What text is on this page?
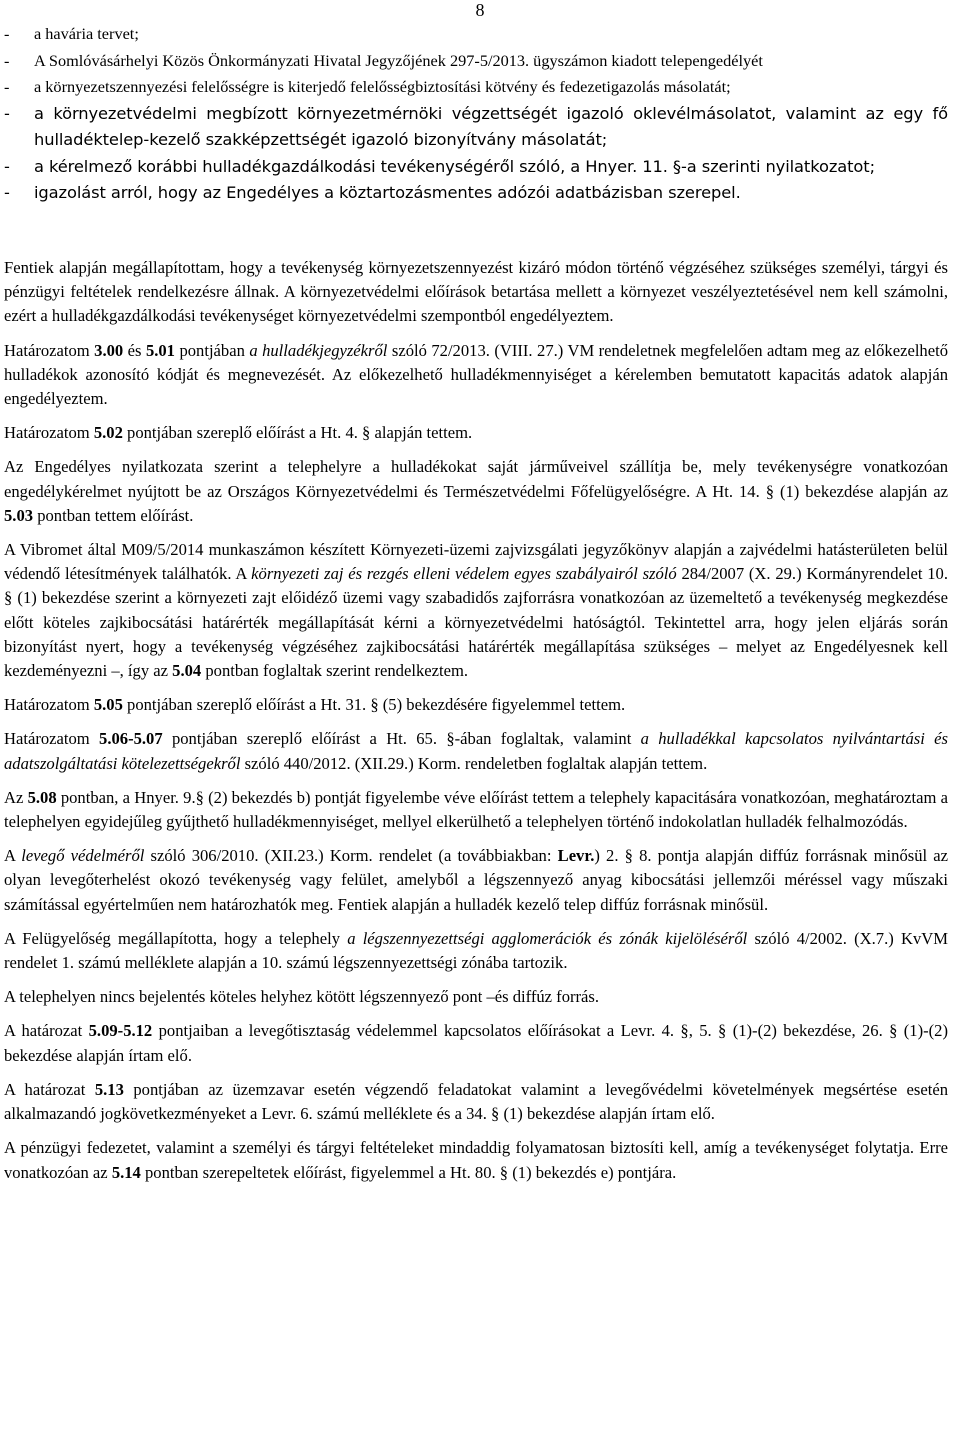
8
- a havária tervet;
- A Somlóvásárhelyi Közös Önkormányzati Hivatal Jegyzőjének 297-5/2013. ügyszámon kiadott telepengedélyét
- a környezetszennyezési felelősségre is kiterjedő felelősségbiztosítási kötvény és fedezetigazolás másolatát;
- a környezetvédelmi megbízott környezetmérnöki végzettségét igazoló oklevélmásolatot, valamint az egy fő hulladéktelep-kezelő szakképzettségét igazoló bizonyítvány másolatát;
- a kérelmező korábbi hulladékgazdálkodási tevékenységéről szóló, a Hnyer. 11. §-a szerinti nyilatkozatot;
- igazolást arról, hogy az Engedélyes a köztartozásmentes adózói adatbázisban szerepel.

Fentiek alapján megállapítottam, hogy a tevékenység környezetszennyezést kizáró módon történő végzéséhez szükséges személyi, tárgyi és pénzügyi feltételek rendelkezésre állnak. A környezetvédelmi előírások betartása mellett a környezet veszélyeztetésével nem kell számolni, ezért a hulladékgazdálkodási tevékenységet környezetvédelmi szempontból engedélyeztem.

Határozatom 3.00 és 5.01 pontjában a hulladékjegyzékről szóló 72/2013. (VIII. 27.) VM rendeletnek megfelelően adtam meg az előkezelhető hulladékok azonosító kódját és megnevezését. Az előkezelhető hulladékmennyiséget a kérelemben bemutatott kapacitás adatok alapján engedélyeztem.

Határozatom 5.02 pontjában szereplő előírást a Ht. 4. § alapján tettem.

Az Engedélyes nyilatkozata szerint a telephelyre a hulladékokat saját járműveivel szállítja be, mely tevékenységre vonatkozóan engedélykérelmet nyújtott be az Országos Környezetvédelmi és Természetvédelmi Főfelügyelőségre. A Ht. 14. § (1) bekezdése alapján az 5.03 pontban tettem előírást.

A Vibromet által M09/5/2014 munkaszámon készített Környezeti-üzemi zajvizsgálati jegyzőkönyv alapján a zajvédelmi hatásterületen belül védendő létesítmények találhatók. A környezeti zaj és rezgés elleni védelem egyes szabályairól szóló 284/2007 (X. 29.) Kormányrendelet 10. § (1) bekezdése szerint a környezeti zajt előidéző üzemi vagy szabadidős zajforrásra vonatkozóan az üzemeltető a tevékenység megkezdése előtt köteles zajkibocsátási határérték megállapítását kérni a környezetvédelmi hatóságtól. Tekintettel arra, hogy jelen eljárás során bizonyítást nyert, hogy a tevékenység végzéséhez zajkibocsátási határérték megállapítása szükséges – melyet az Engedélyesnek kell kezdeményezni –, így az 5.04 pontban foglaltak szerint rendelkeztem.

Határozatom 5.05 pontjában szereplő előírást a Ht. 31. § (5) bekezdésére figyelemmel tettem.

Határozatom 5.06-5.07 pontjában szereplő előírást a Ht. 65. §-ában foglaltak, valamint a hulladékkal kapcsolatos nyilvántartási és adatszolgáltatási kötelezettségekről szóló 440/2012. (XII.29.) Korm. rendeletben foglaltak alapján tettem.

Az 5.08 pontban, a Hnyer. 9.§ (2) bekezdés b) pontját figyelembe véve előírást tettem a telephely kapacitására vonatkozóan, meghatároztam a telephelyen egyidejűleg gyűjthető hulladékmennyiséget, mellyel elkerülhető a telephelyen történő indokolatlan hulladék felhalmozódás.

A levegő védelméről szóló 306/2010. (XII.23.) Korm. rendelet (a továbbiakban: Levr.) 2. § 8. pontja alapján diffúz forrásnak minősül az olyan levegőterhelést okozó tevékenység vagy felület, amelyből a légszennyező anyag kibocsátási jellemzői méréssel vagy műszaki számítással egyértelműen nem határozhatók meg. Fentiek alapján a hulladék kezelő telep diffúz forrásnak minősül.

A Felügyelőség megállapította, hogy a telephely a légszennyezettségi agglomerációk és zónák kijelöléséről szóló 4/2002. (X.7.) KvVM rendelet 1. számú melléklete alapján a 10. számú légszennyezettségi zónába tartozik.

A telephelyen nincs bejelentés köteles helyhez kötött légszennyező pont –és diffúz forrás.

A határozat 5.09-5.12 pontjaiban a levegőtisztaság védelemmel kapcsolatos előírásokat a Levr. 4. §, 5. § (1)-(2) bekezdése, 26. § (1)-(2) bekezdése alapján írtam elő.

A határozat 5.13 pontjában az üzemzavar esetén végzendő feladatokat valamint a levegővédelmi követelmények megsértése esetén alkalmazandó jogkövetkezményeket a Levr. 6. számú melléklete és a 34. § (1) bekezdése alapján írtam elő.

A pénzügyi fedezetet, valamint a személyi és tárgyi feltételeket mindaddig folyamatosan biztosíti kell, amíg a tevékenységet folytatja. Erre vonatkozóan az 5.14 pontban szerepeltetek előírást, figyelemmel a Ht. 80. § (1) bekezdés e) pontjára.
